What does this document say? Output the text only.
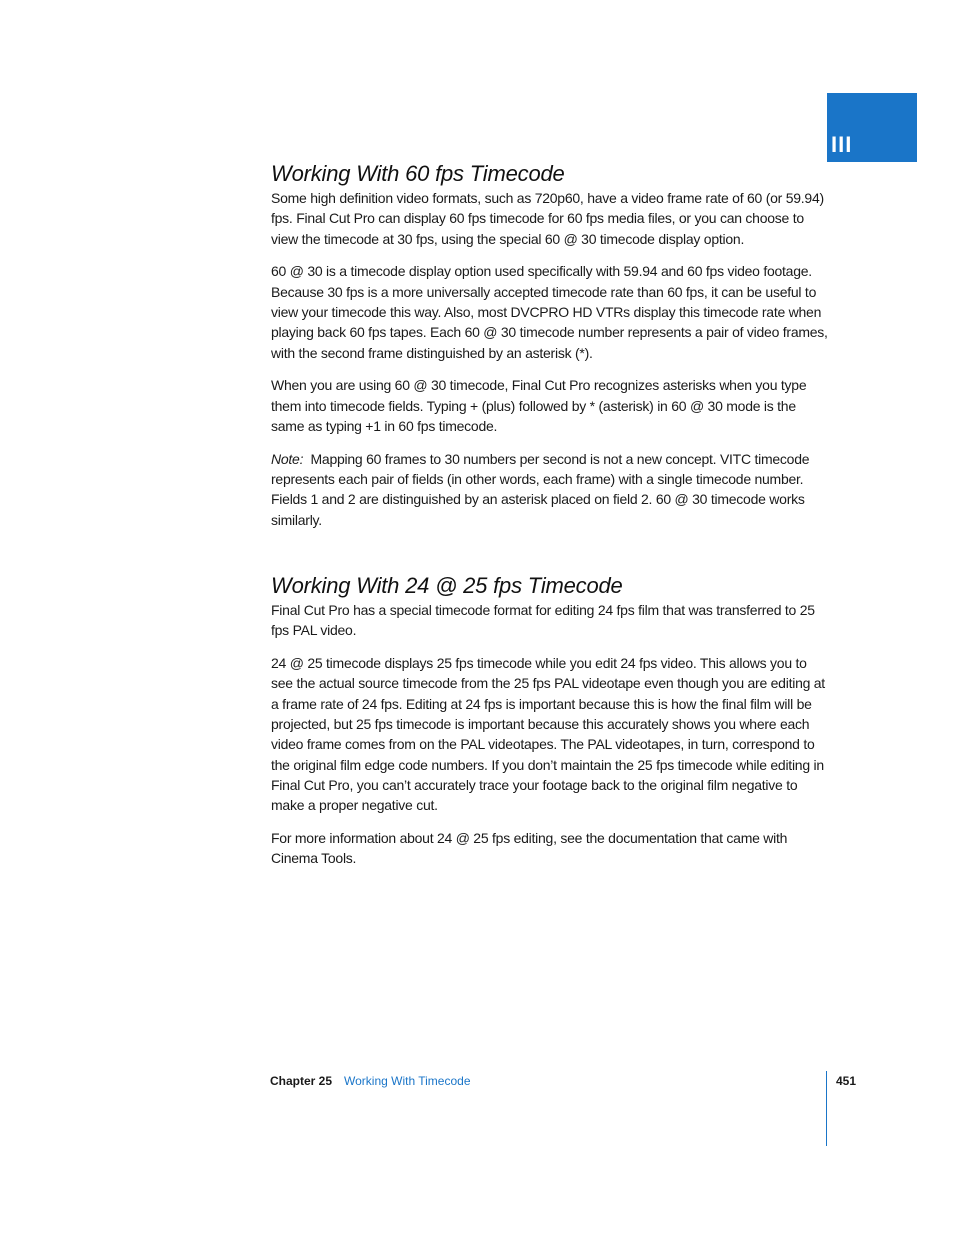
III
Working With 60 fps Timecode

Some high definition video formats, such as 720p60, have a video frame rate of 60 (or 59.94) fps. Final Cut Pro can display 60 fps timecode for 60 fps media files, or you can choose to view the timecode at 30 fps, using the special 60 @ 30 timecode display option.

60 @ 30 is a timecode display option used specifically with 59.94 and 60 fps video footage. Because 30 fps is a more universally accepted timecode rate than 60 fps, it can be useful to view your timecode this way. Also, most DVCPRO HD VTRs display this timecode rate when playing back 60 fps tapes. Each 60 @ 30 timecode number represents a pair of video frames, with the second frame distinguished by an asterisk (*).

When you are using 60 @ 30 timecode, Final Cut Pro recognizes asterisks when you type them into timecode fields. Typing + (plus) followed by * (asterisk) in 60 @ 30 mode is the same as typing +1 in 60 fps timecode.

Note: Mapping 60 frames to 30 numbers per second is not a new concept. VITC timecode represents each pair of fields (in other words, each frame) with a single timecode number. Fields 1 and 2 are distinguished by an asterisk placed on field 2. 60 @ 30 timecode works similarly.

Working With 24 @ 25 fps Timecode

Final Cut Pro has a special timecode format for editing 24 fps film that was transferred to 25 fps PAL video.

24 @ 25 timecode displays 25 fps timecode while you edit 24 fps video. This allows you to see the actual source timecode from the 25 fps PAL videotape even though you are editing at a frame rate of 24 fps. Editing at 24 fps is important because this is how the final film will be projected, but 25 fps timecode is important because this accurately shows you where each video frame comes from on the PAL videotapes. The PAL videotapes, in turn, correspond to the original film edge code numbers. If you don’t maintain the 25 fps timecode while editing in Final Cut Pro, you can’t accurately trace your footage back to the original film negative to make a proper negative cut.

For more information about 24 @ 25 fps editing, see the documentation that came with Cinema Tools.

Chapter 25 Working With Timecode	451
